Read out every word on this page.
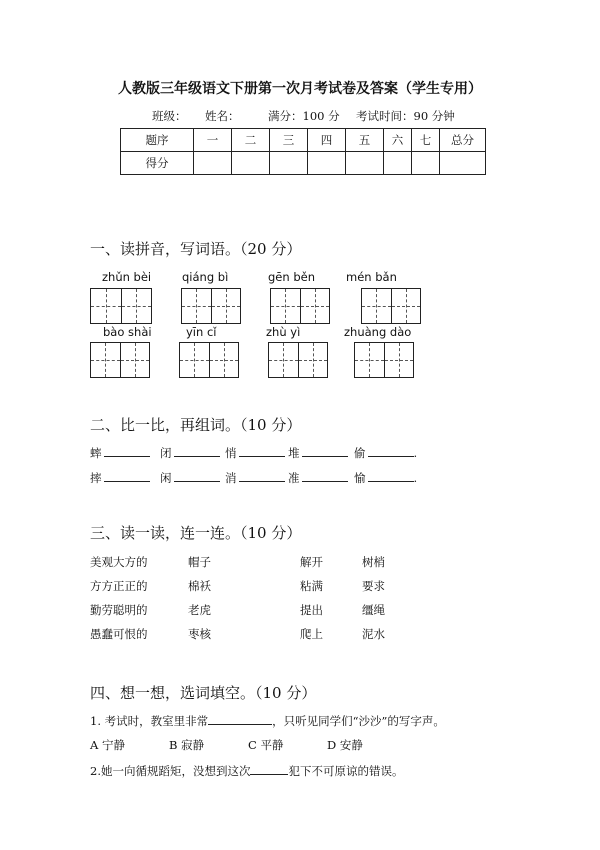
人教版三年级语文下册第一次月考试卷及答案（学生专用）
班级： 姓名： 满分：100 分 考试时间：90 分钟
题序	一	二	三	四	五	六	七	总分
得分								
一、读拼音，写词语。（20 分）
zhǔn bèi	qiáng bì	gēn běn	mén bǎn
bào shài	yīn cǐ	zhù yì	zhuàng dào
二、比一比，再组词。（10 分）
蟀	闭	悄	堆	偷	.
摔	闲	消	准	愉	.
三、读一读，连一连。（10 分）
美观大方的	帽子	解开	树梢
方方正正的	棉袄	粘满	要求
勤劳聪明的	老虎	提出	缰绳
愚蠢可恨的	枣核	爬上	泥水
四、想一想，选词填空。（10 分）
1. 考试时，教室里非常	，只听见同学们“沙沙”的写字声。
A 宁静	B 寂静	C 平静	D 安静
2.她一向循规蹈矩，没想到这次	犯下不可原谅的错误。
